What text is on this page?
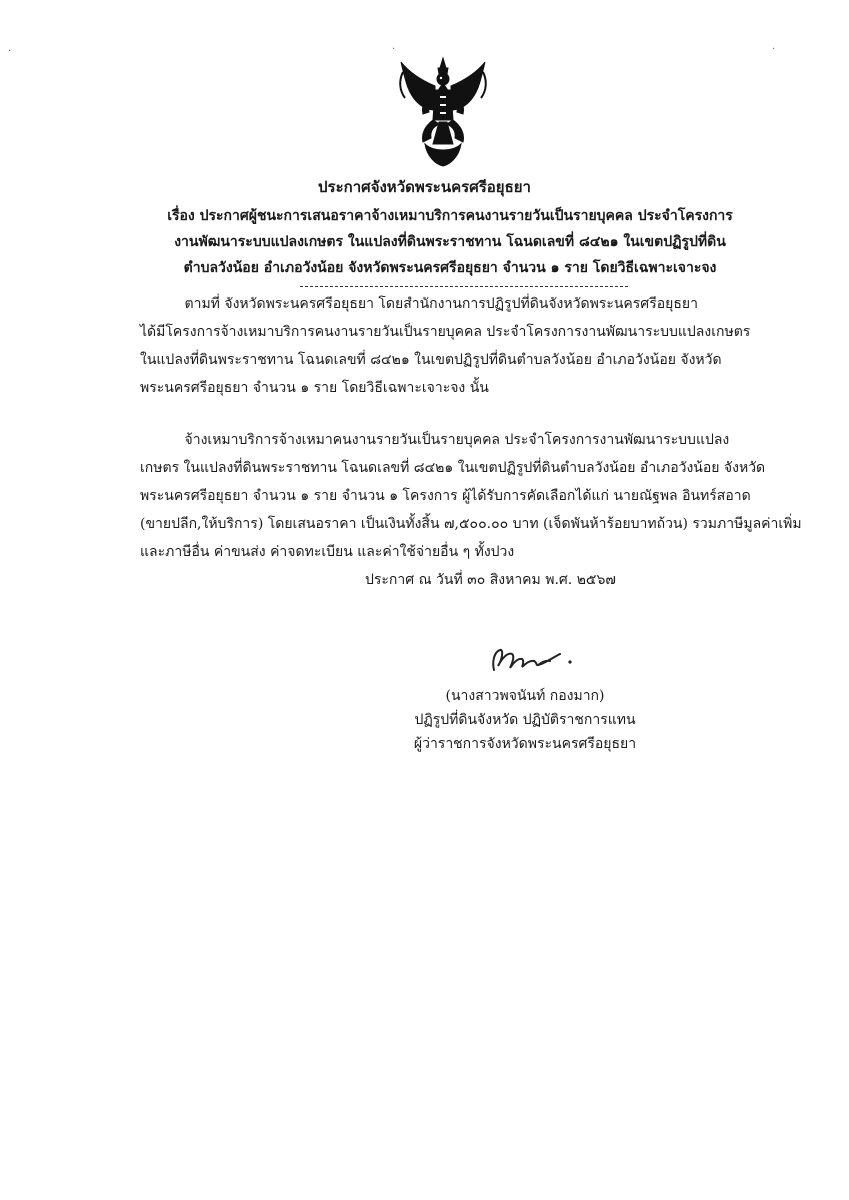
·	·	·
ประกาศจังหวัดพระนครศรีอยุธยา
เรื่อง ประกาศผู้ชนะการเสนอราคาจ้างเหมาบริการคนงานรายวันเป็นรายบุคคล ประจำโครงการ
งานพัฒนาระบบแปลงเกษตร ในแปลงที่ดินพระราชทาน โฉนดเลขที่ ๘๔๒๑ ในเขตปฏิรูปที่ดิน
ตำบลวังน้อย อำเภอวังน้อย จังหวัดพระนครศรีอยุธยา จำนวน ๑ ราย โดยวิธีเฉพาะเจาะจง
ตามที่ จังหวัดพระนครศรีอยุธยา โดยสำนักงานการปฏิรูปที่ดินจังหวัดพระนครศรีอยุธยา
ได้มีโครงการจ้างเหมาบริการคนงานรายวันเป็นรายบุคคล ประจำโครงการงานพัฒนาระบบแปลงเกษตร
ในแปลงที่ดินพระราชทาน โฉนดเลขที่ ๘๔๒๑ ในเขตปฏิรูปที่ดินตำบลวังน้อย อำเภอวังน้อย จังหวัด
พระนครศรีอยุธยา จำนวน ๑ ราย โดยวิธีเฉพาะเจาะจง นั้น
จ้างเหมาบริการจ้างเหมาคนงานรายวันเป็นรายบุคคล ประจำโครงการงานพัฒนาระบบแปลง
เกษตร ในแปลงที่ดินพระราชทาน โฉนดเลขที่ ๘๔๒๑ ในเขตปฏิรูปที่ดินตำบลวังน้อย อำเภอวังน้อย จังหวัด
พระนครศรีอยุธยา จำนวน ๑ ราย จำนวน ๑ โครงการ ผู้ได้รับการคัดเลือกได้แก่ นายณัฐพล อินทร์สอาด
(ขายปลีก,ให้บริการ) โดยเสนอราคา เป็นเงินทั้งสิ้น ๗,๕๐๐.๐๐ บาท (เจ็ดพันห้าร้อยบาทถ้วน) รวมภาษีมูลค่าเพิ่ม
และภาษีอื่น ค่าขนส่ง ค่าจดทะเบียน และค่าใช้จ่ายอื่น ๆ ทั้งปวง
ประกาศ ณ วันที่ ๓๐ สิงหาคม พ.ศ. ๒๕๖๗
(นางสาวพจนันท์ กองมาก)
ปฏิรูปที่ดินจังหวัด ปฏิบัติราชการแทน
ผู้ว่าราชการจังหวัดพระนครศรีอยุธยา
